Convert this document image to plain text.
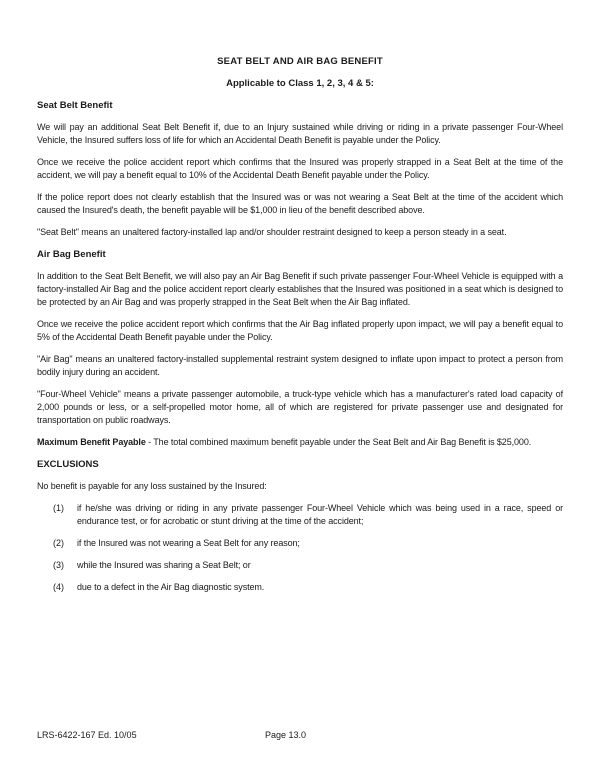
SEAT BELT AND AIR BAG BENEFIT
Applicable to Class 1, 2, 3, 4 & 5:
Seat Belt Benefit
We will pay an additional Seat Belt Benefit if, due to an Injury sustained while driving or riding in a private passenger Four-Wheel Vehicle, the Insured suffers loss of life for which an Accidental Death Benefit is payable under the Policy.
Once we receive the police accident report which confirms that the Insured was properly strapped in a Seat Belt at the time of the accident, we will pay a benefit equal to 10% of the Accidental Death Benefit payable under the Policy.
If the police report does not clearly establish that the Insured was or was not wearing a Seat Belt at the time of the accident which caused the Insured's death, the benefit payable will be $1,000 in lieu of the benefit described above.
"Seat Belt" means an unaltered factory-installed lap and/or shoulder restraint designed to keep a person steady in a seat.
Air Bag Benefit
In addition to the Seat Belt Benefit, we will also pay an Air Bag Benefit if such private passenger Four-Wheel Vehicle is equipped with a factory-installed Air Bag and the police accident report clearly establishes that the Insured was positioned in a seat which is designed to be protected by an Air Bag and was properly strapped in the Seat Belt when the Air Bag inflated.
Once we receive the police accident report which confirms that the Air Bag inflated properly upon impact, we will pay a benefit equal to 5% of the Accidental Death Benefit payable under the Policy.
"Air Bag" means an unaltered factory-installed supplemental restraint system designed to inflate upon impact to protect a person from bodily injury during an accident.
"Four-Wheel Vehicle" means a private passenger automobile, a truck-type vehicle which has a manufacturer's rated load capacity of 2,000 pounds or less, or a self-propelled motor home, all of which are registered for private passenger use and designated for transportation on public roadways.
Maximum Benefit Payable - The total combined maximum benefit payable under the Seat Belt and Air Bag Benefit is $25,000.
EXCLUSIONS
No benefit is payable for any loss sustained by the Insured:
(1)	if he/she was driving or riding in any private passenger Four-Wheel Vehicle which was being used in a race, speed or endurance test, or for acrobatic or stunt driving at the time of the accident;
(2)	if the Insured was not wearing a Seat Belt for any reason;
(3)	while the Insured was sharing a Seat Belt; or
(4)	due to a defect in the Air Bag diagnostic system.
LRS-6422-167 Ed. 10/05	Page 13.0
